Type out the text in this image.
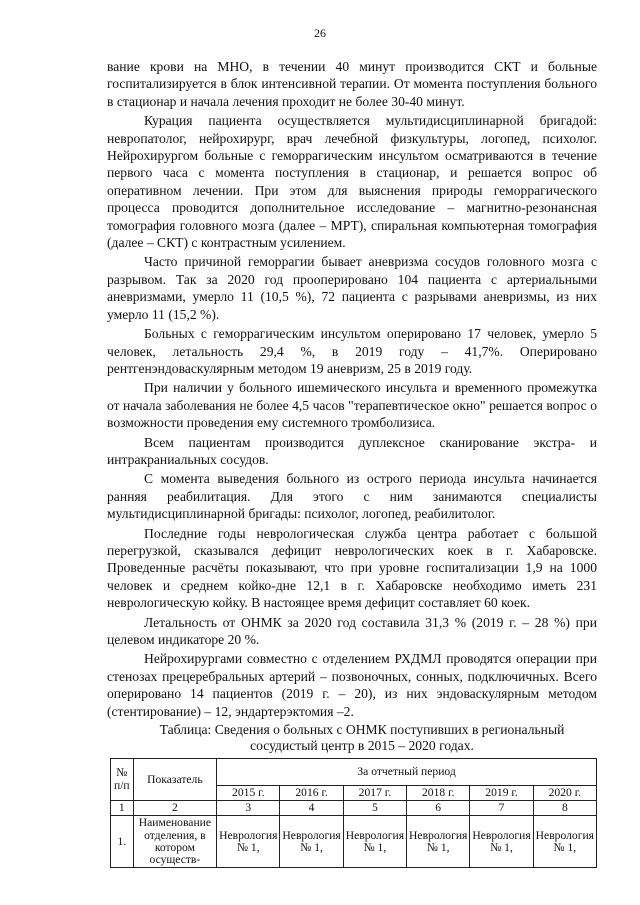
26

вание крови на МНО, в течении 40 минут производится СКТ и больные госпитализируется в блок интенсивной терапии. От момента поступления больного в стационар и начала лечения проходит не более 30-40 минут.

Курация пациента осуществляется мультидисциплинарной бригадой: невропатолог, нейрохирург, врач лечебной физкультуры, логопед, психолог. Нейрохирургом больные с геморрагическим инсультом осматриваются в течение первого часа с момента поступления в стационар, и решается вопрос об оперативном лечении. При этом для выяснения природы геморрагического процесса проводится дополнительное исследование – магнитно-резонансная томография головного мозга (далее – МРТ), спиральная компьютерная томография (далее – СКТ) с контрастным усилением.

Часто причиной геморрагии бывает аневризма сосудов головного мозга с разрывом. Так за 2020 год прооперировано 104 пациента с артериальными аневризмами, умерло 11 (10,5 %), 72 пациента с разрывами аневризмы, из них умерло 11 (15,2 %).

Больных с геморрагическим инсультом оперировано 17 человек, умерло 5 человек, летальность 29,4 %, в 2019 году – 41,7%. Оперировано рентгенэндоваскулярным методом 19 аневризм, 25 в 2019 году.

При наличии у больного ишемического инсульта и временного промежутка от начала заболевания не более 4,5 часов "терапевтическое окно" решается вопрос о возможности проведения ему системного тромболизиса.

Всем пациентам производится дуплексное сканирование экстра- и интракраниальных сосудов.

С момента выведения больного из острого периода инсульта начинается ранняя реабилитация. Для этого с ним занимаются специалисты мультидисциплинарной бригады: психолог, логопед, реабилитолог.

Последние годы неврологическая служба центра работает с большой перегрузкой, сказывался дефицит неврологических коек в г. Хабаровске. Проведенные расчёты показывают, что при уровне госпитализации 1,9 на 1000 человек и среднем койко-дне 12,1 в г. Хабаровске необходимо иметь 231 неврологическую койку. В настоящее время дефицит составляет 60 коек.

Летальность от ОНМК за 2020 год составила 31,3 % (2019 г. – 28 %) при целевом индикаторе 20 %.

Нейрохирургами совместно с отделением РХДМЛ проводятся операции при стенозах прецеребральных артерий – позвоночных, сонных, подключичных. Всего оперировано 14 пациентов (2019 г. – 20), из них эндоваскулярным методом (стентирование) – 12, эндартерэктомия –2.

Таблица: Сведения о больных с ОНМК поступивших в региональный
сосудистый центр в 2015 – 2020 годах.
№ п/п	Показатель	За отчетный период					
		2015 г.	2016 г.	2017 г.	2018 г.	2019 г.	2020 г.
1	2	3	4	5	6	7	8
1.	Наименование отделения, в котором осуществ-	Неврология № 1,	Неврология № 1,	Неврология № 1,	Неврология № 1,	Неврология № 1,	Неврология № 1,
